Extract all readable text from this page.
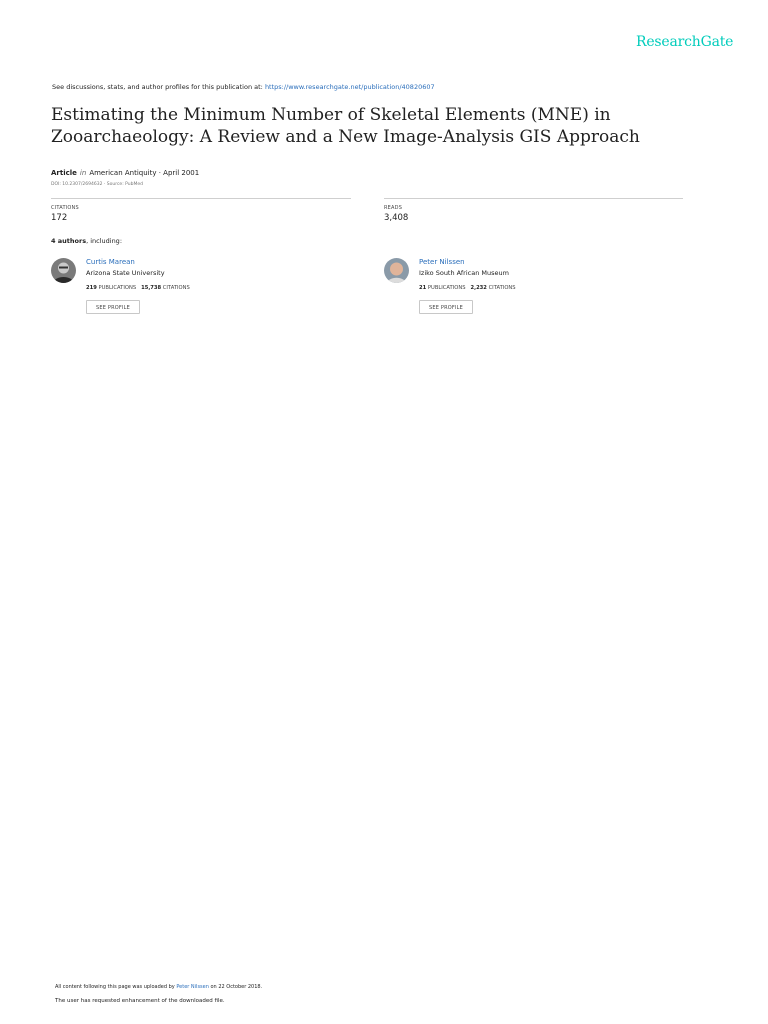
ResearchGate
See discussions, stats, and author profiles for this publication at: https://www.researchgate.net/publication/40820607
Estimating the Minimum Number of Skeletal Elements (MNE) in
Zooarchaeology: A Review and a New Image-Analysis GIS Approach
Article in American Antiquity · April 2001
DOI: 10.2307/2694632 · Source: PubMed
CITATIONS
172
READS
3,408
4 authors, including:
Curtis Marean
Arizona State University
219 PUBLICATIONS 15,738 CITATIONS
SEE PROFILE
Peter Nilssen
Iziko South African Museum
21 PUBLICATIONS 2,232 CITATIONS
SEE PROFILE
All content following this page was uploaded by Peter Nilssen on 22 October 2018.
The user has requested enhancement of the downloaded file.
